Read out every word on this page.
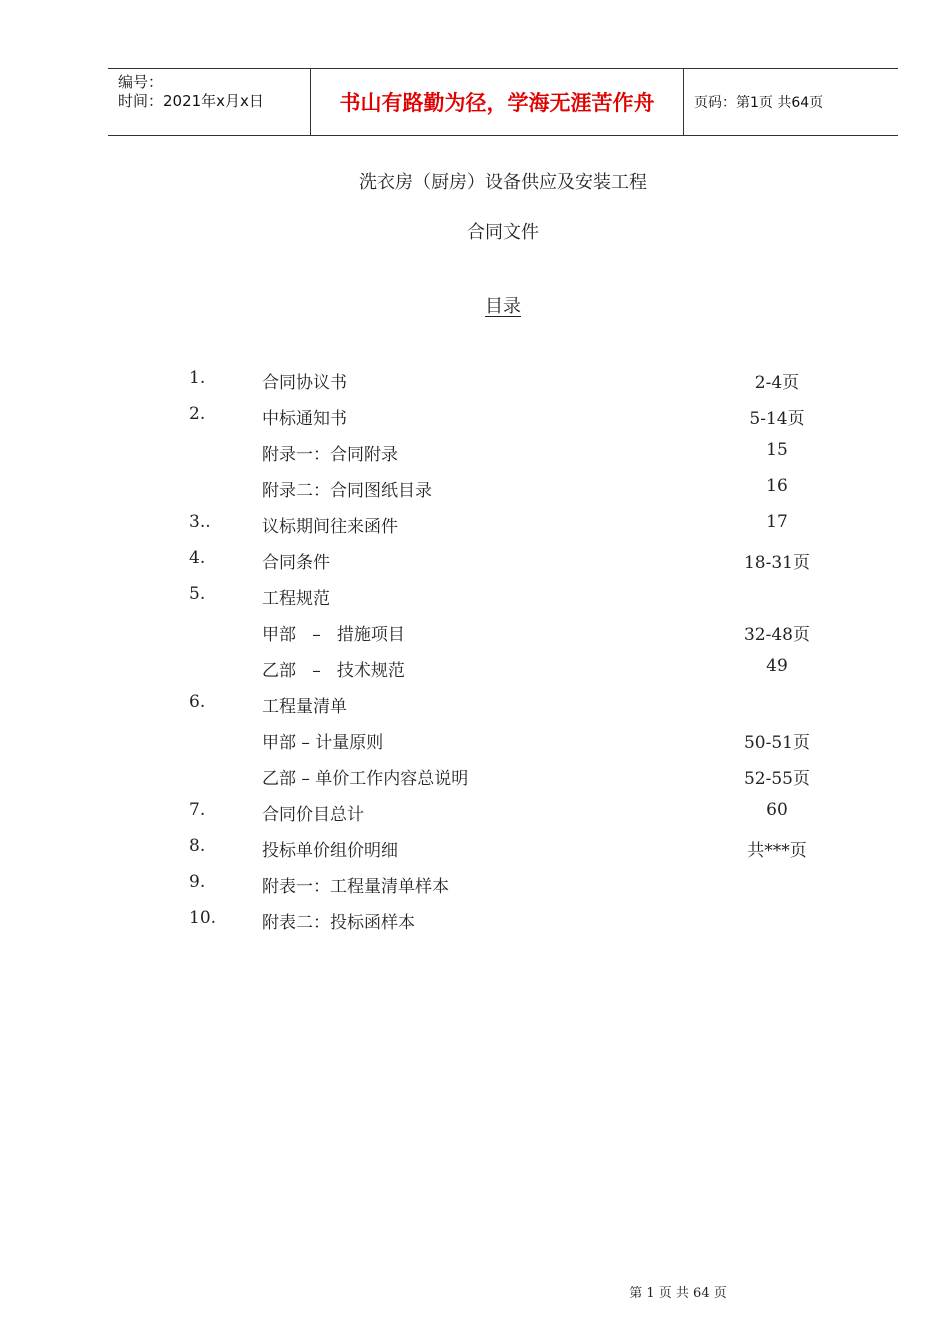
编号：
时间：2021年x月x日	书山有路勤为径，学海无涯苦作舟	页码：第1页 共64页
洗衣房（厨房）设备供应及安装工程
合同文件
目录
1.	合同协议书	2-4页
2.	中标通知书	5-14页
附录一：合同附录	15
附录二：合同图纸目录	16
3..	议标期间往来函件	17
4.	合同条件	18-31页
5.	工程规范
甲部   –   措施项目	32-48页
乙部   –   技术规范	49
6.	工程量清单
甲部 – 计量原则	50-51页
乙部 – 单价工作内容总说明	52-55页
7.	合同价目总计	60
8.	投标单价组价明细	共***页
9.	附表一：工程量清单样本
10.	附表二：投标函样本
第 1 页 共 64 页
